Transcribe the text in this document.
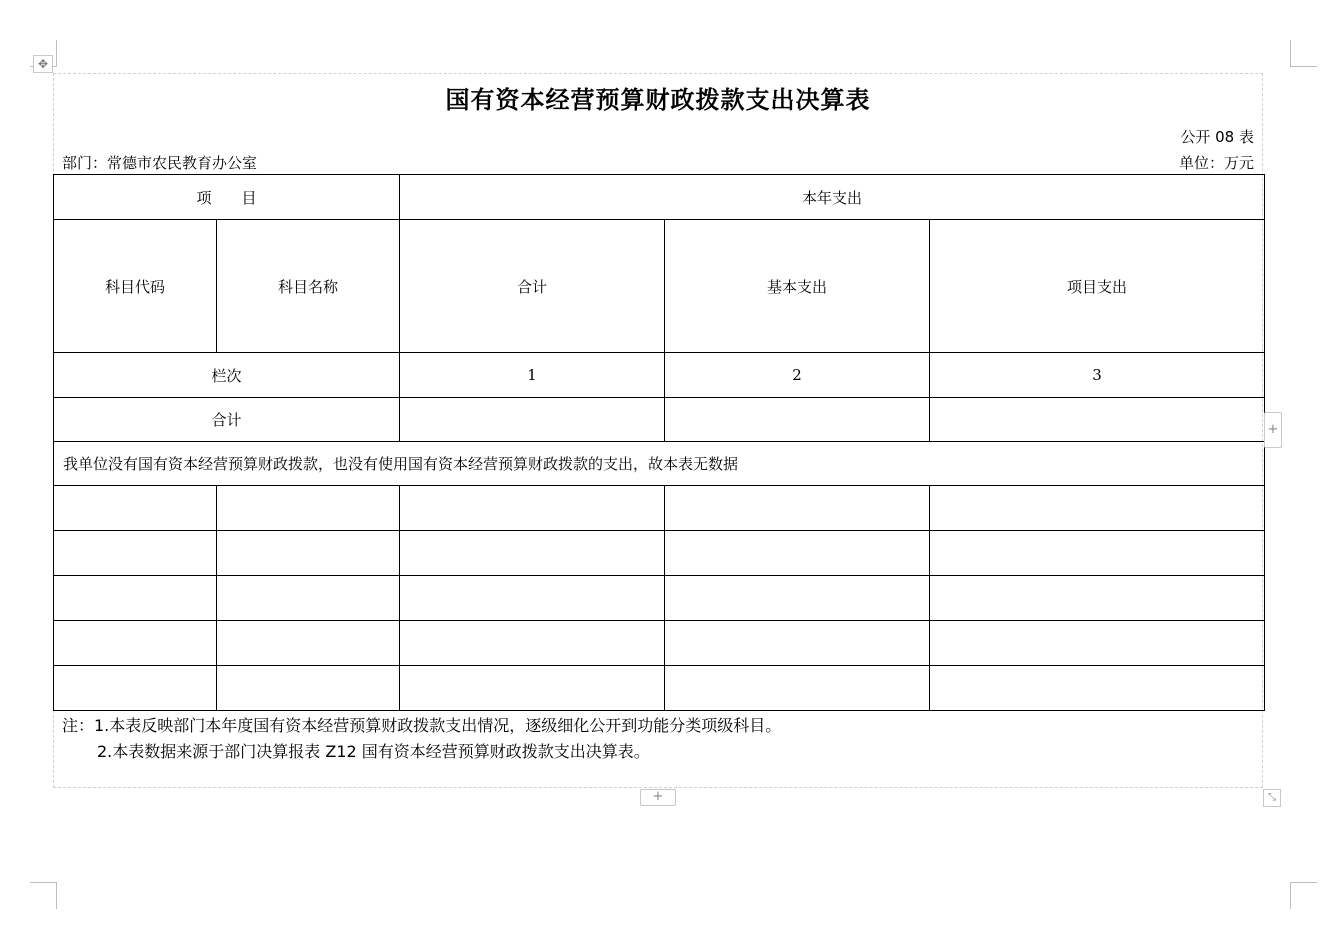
✥
国有资本经营预算财政拨款支出决算表
公开 08 表
部门：常德市农民教育办公室	单位：万元
项　　目		本年支出		
科目代码	科目名称	合计	基本支出	项目支出
栏次		1	2	3
合计				
我单位没有国有资本经营预算财政拨款，也没有使用国有资本经营预算财政拨款的支出，故本表无数据				

注：1.本表反映部门本年度国有资本经营预算财政拨款支出情况，逐级细化公开到功能分类项级科目。
2.本表数据来源于部门决算报表 Z12 国有资本经营预算财政拨款支出决算表。
+
+	⤡
